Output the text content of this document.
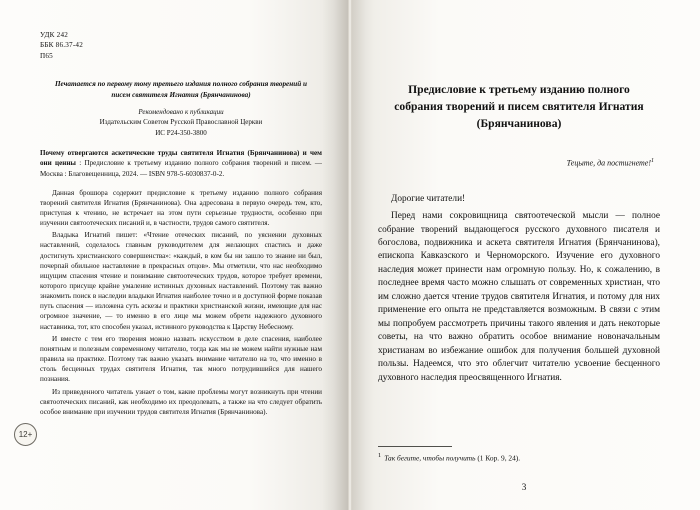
УДК 242
ББК 86.37-42
П65
Печатается по первому тому третьего издания полного собрания творений и писем святителя Игнатия (Брянчанинова)
Рекомендовано к публикации
Издательским Советом Русской Православной Церкви
ИС Р24-350-3800

Почему отвергаются аскетические труды святителя Игнатия (Брянчанинова) и чем они ценны : Предисловие к третьему изданию полного собрания творений и писем. — Москва : Благовещенница, 2024. — ISBN 978-5-6030837-0-2.

Данная брошюра содержит предисловие к третьему изданию полного собрания творений святителя Игнатия (Брянчанинова). Она адресована в первую очередь тем, кто, приступая к чтению, не встречает на этом пути серьезные трудности, особенно при изучении святоотеческих писаний и, в частности, трудов самого святителя.

Владыка Игнатий пишет: «Чтение отеческих писаний, по уяснении духовных наставлений, соделалось главным руководителем для желающих спастись и даже достигнуть христианского совершенства»: «каждый, в ком бы ни зашло то знание ни был, почерпай обильное наставление в прекрасных отцов». Мы отметили, что нас необходимо ищущим спасения чтение и понимание святоотеческих трудов, которое требует времени, которого присуще крайне умаление истинных духовных наставлений. Поэтому так важно знакомить поиск в наследии владыки Игнатия наиболее точно и в доступной форме показав путь спасения — изложена суть аскезы и практики христианской жизни, имеющие для нас огромное значение, — то именно в его лице мы можем обрети надежного духовного наставника, тот, кто способен указал, истинного руководства к Царству Небесному.

И вместе с тем его творения можно назвать искусством в деле спасения, наиболее понятным и полезным современному читателю, тогда как мы не можем найти нужные нам правила на практике. Поэтому так важно указать внимание читателю на то, что именно в столь бесценных трудах святителя Игнатия, так много потрудившийся для нашего познания.

Из приведенного читатель узнает о том, какие проблемы могут возникнуть при чтении святоотеческих писаний, как необходимо их преодолевать, а также на что следует обратить особое внимание при изучении трудов святителя Игнатия (Брянчанинова).

12+
Предисловие к третьему изданию полного собрания творений и писем святителя Игнатия (Брянчанинова)
Тецыте, да постигнете!$^1$

Дорогие читатели!

Перед нами сокровищница святоотеческой мысли — полное собрание творений выдающегося русского духовного писателя и богослова, подвижника и аскета святителя Игнатия (Брянчанинова), епископа Кавказского и Черноморского. Изучение его духовного наследия может принести нам огромную пользу. Но, к сожалению, в последнее время часто можно слышать от современных христиан, что им сложно дается чтение трудов святителя Игнатия, и потому для них применение его опыта не представляется возможным. В связи с этим мы попробуем рассмотреть причины такого явления и дать некоторые советы, на что важно обратить особое внимание новоначальным христианам во избежание ошибок для получения большей духовной пользы. Надеемся, что это облегчит читателю усвоение бесценного духовного наследия преосвященного Игнатия.

1 Так бегите, чтобы получить (1 Кор. 9, 24).
3
